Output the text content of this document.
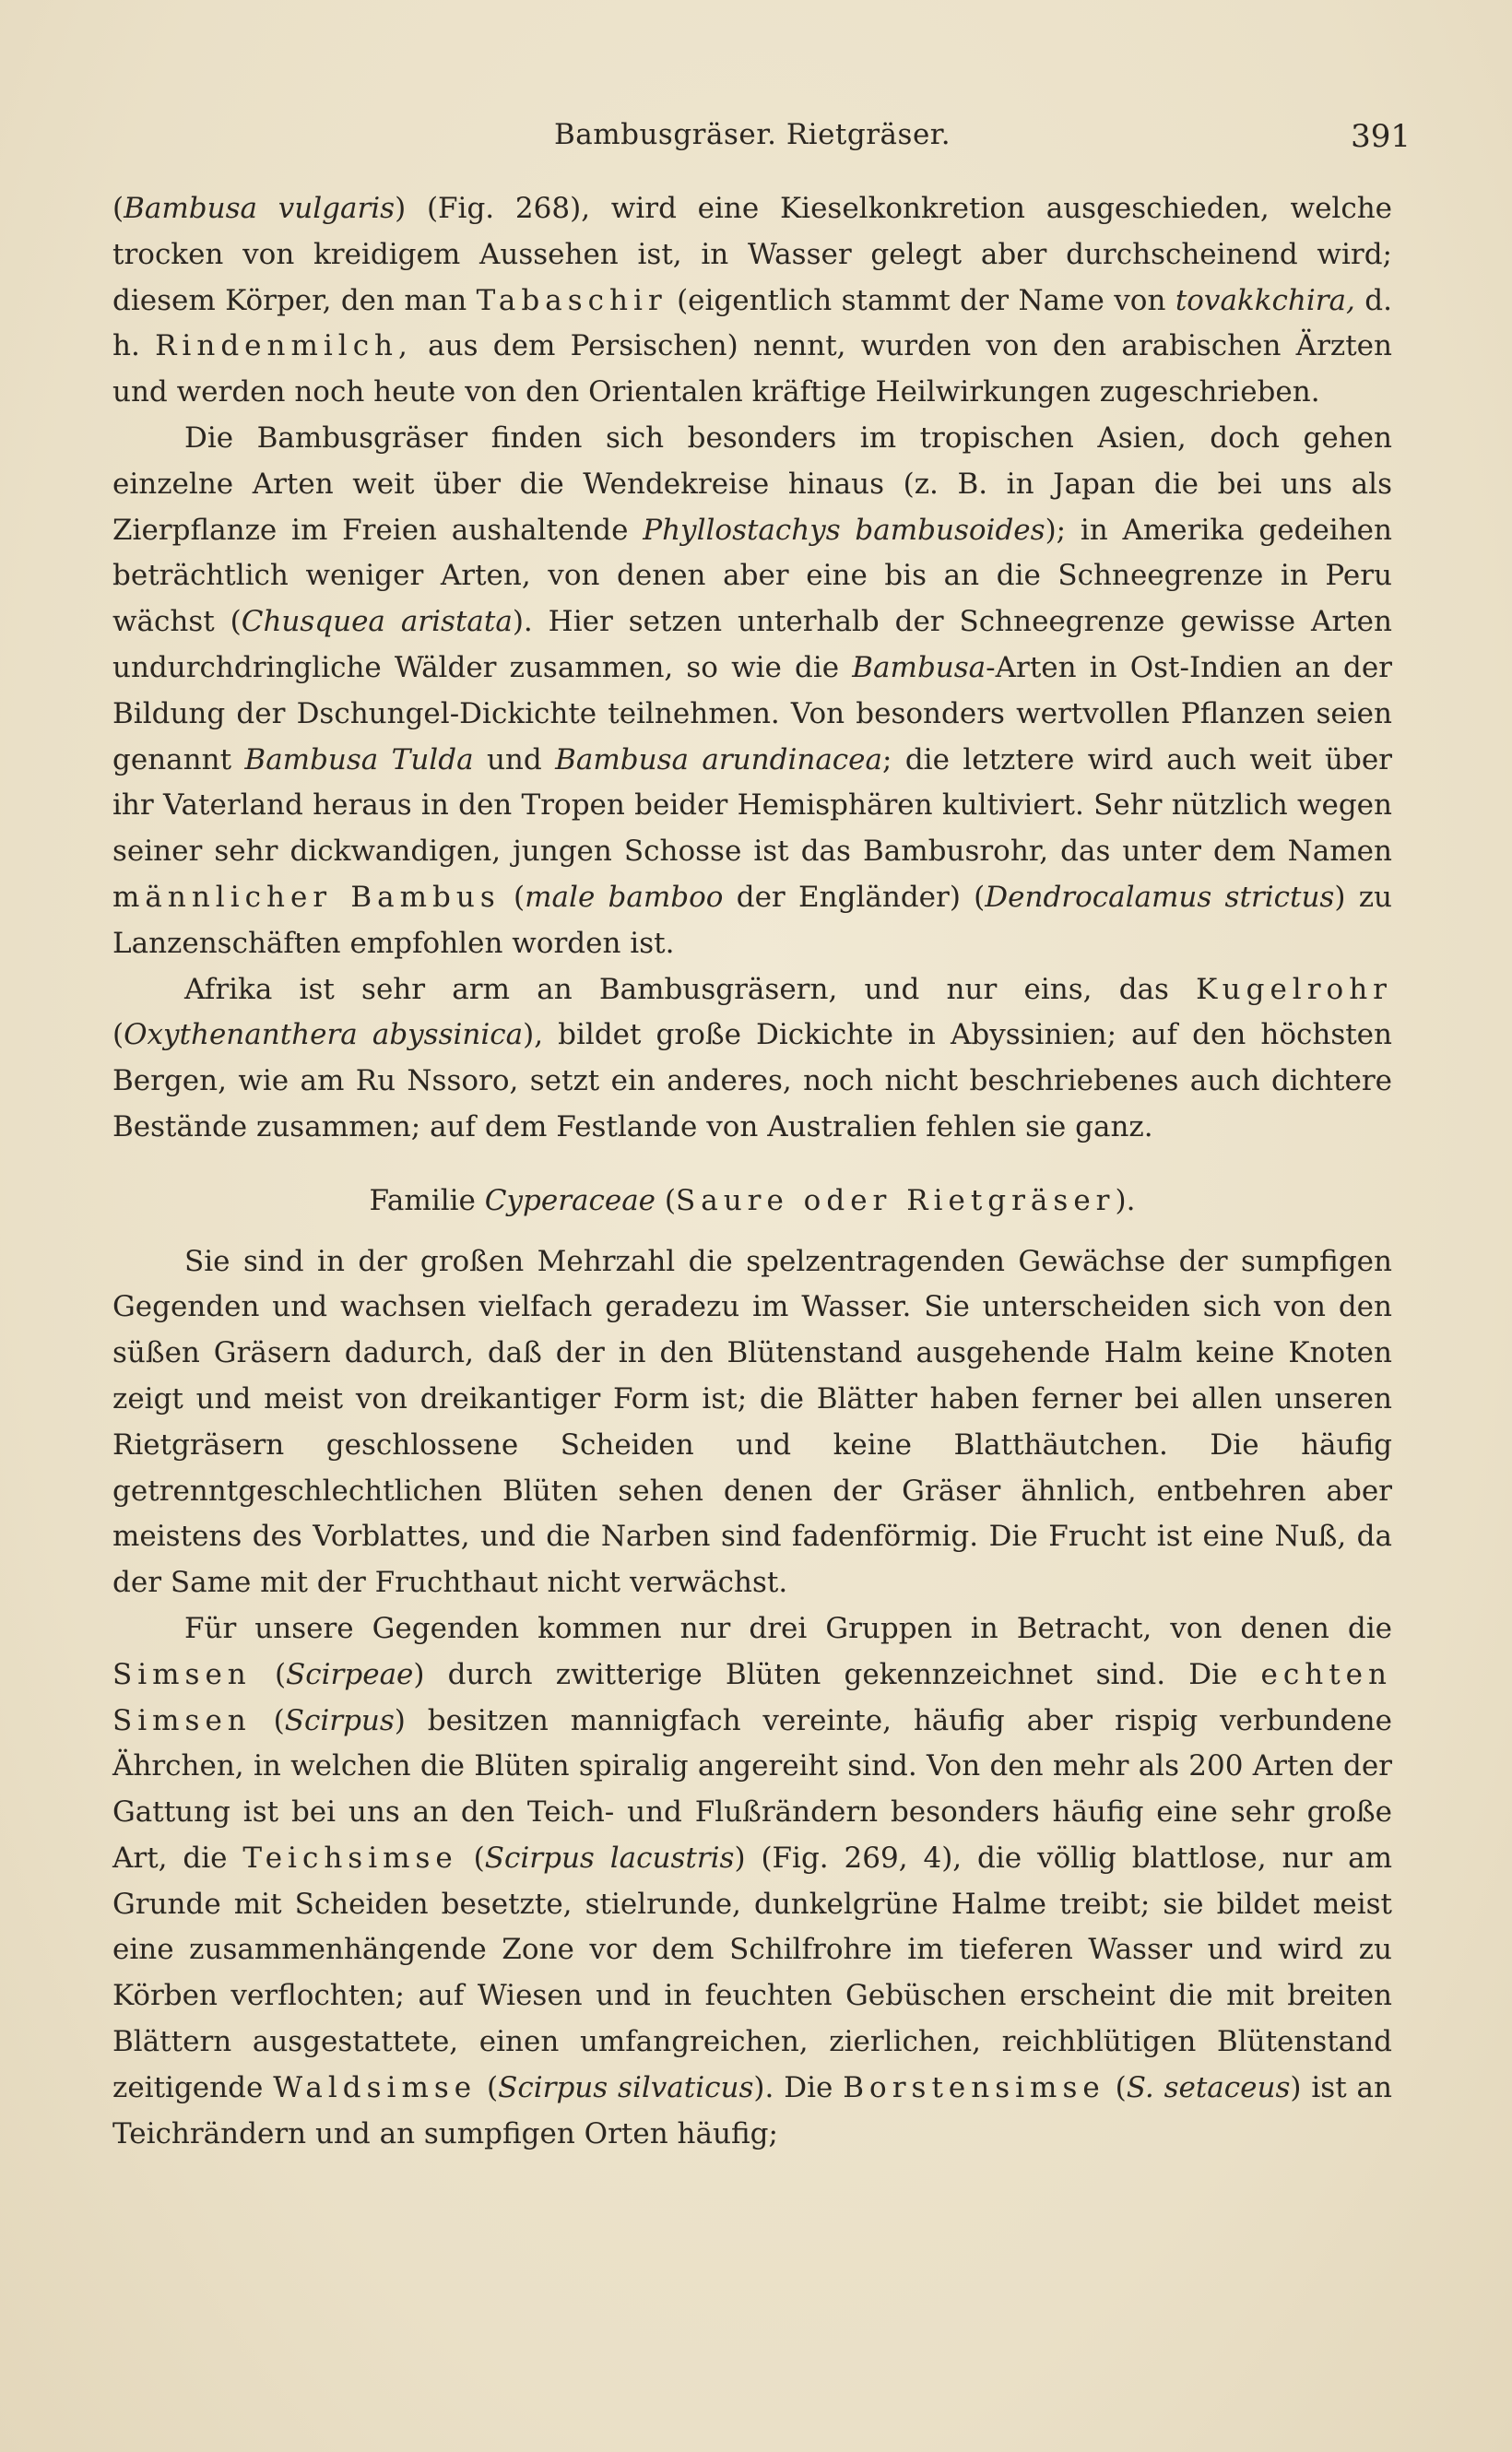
Bambusgräser. Rietgräser.	391

(Bambusa vulgaris) (Fig. 268), wird eine Kieselkonkretion ausgeschieden, welche trocken von kreidigem Aussehen ist, in Wasser gelegt aber durchscheinend wird; diesem Körper, den man Tabaschir (eigentlich stammt der Name von tovakkchira, d. h. Rindenmilch, aus dem Persischen) nennt, wurden von den arabischen Ärzten und werden noch heute von den Orientalen kräftige Heilwirkungen zugeschrieben.

Die Bambusgräser finden sich besonders im tropischen Asien, doch gehen einzelne Arten weit über die Wendekreise hinaus (z. B. in Japan die bei uns als Zierpflanze im Freien aushaltende Phyllostachys bambusoides); in Amerika gedeihen beträchtlich weniger Arten, von denen aber eine bis an die Schneegrenze in Peru wächst (Chusquea aristata). Hier setzen unterhalb der Schneegrenze gewisse Arten undurchdringliche Wälder zusammen, so wie die Bambusa-Arten in Ost-Indien an der Bildung der Dschungel-Dickichte teilnehmen. Von besonders wertvollen Pflanzen seien genannt Bambusa Tulda und Bambusa arundinacea; die letztere wird auch weit über ihr Vaterland heraus in den Tropen beider Hemisphären kultiviert. Sehr nützlich wegen seiner sehr dickwandigen, jungen Schosse ist das Bambusrohr, das unter dem Namen männlicher Bambus (male bamboo der Engländer) (Dendrocalamus strictus) zu Lanzenschäften empfohlen worden ist.

Afrika ist sehr arm an Bambusgräsern, und nur eins, das Kugelrohr (Oxythenanthera abyssinica), bildet große Dickichte in Abyssinien; auf den höchsten Bergen, wie am Ru Nssoro, setzt ein anderes, noch nicht beschriebenes auch dichtere Bestände zusammen; auf dem Festlande von Australien fehlen sie ganz.

Familie Cyperaceae (Saure oder Rietgräser).

Sie sind in der großen Mehrzahl die spelzentragenden Gewächse der sumpfigen Gegenden und wachsen vielfach geradezu im Wasser. Sie unterscheiden sich von den süßen Gräsern dadurch, daß der in den Blütenstand ausgehende Halm keine Knoten zeigt und meist von dreikantiger Form ist; die Blätter haben ferner bei allen unseren Rietgräsern geschlossene Scheiden und keine Blatthäutchen. Die häufig getrenntgeschlechtlichen Blüten sehen denen der Gräser ähnlich, entbehren aber meistens des Vorblattes, und die Narben sind fadenförmig. Die Frucht ist eine Nuß, da der Same mit der Fruchthaut nicht verwächst.

Für unsere Gegenden kommen nur drei Gruppen in Betracht, von denen die Simsen (Scirpeae) durch zwitterige Blüten gekennzeichnet sind. Die echten Simsen (Scirpus) besitzen mannigfach vereinte, häufig aber rispig verbundene Ährchen, in welchen die Blüten spiralig angereiht sind. Von den mehr als 200 Arten der Gattung ist bei uns an den Teich- und Flußrändern besonders häufig eine sehr große Art, die Teichsimse (Scirpus lacustris) (Fig. 269, 4), die völlig blattlose, nur am Grunde mit Scheiden besetzte, stielrunde, dunkelgrüne Halme treibt; sie bildet meist eine zusammenhängende Zone vor dem Schilfrohre im tieferen Wasser und wird zu Körben verflochten; auf Wiesen und in feuchten Gebüschen erscheint die mit breiten Blättern ausgestattete, einen umfangreichen, zierlichen, reichblütigen Blütenstand zeitigende Waldsimse (Scirpus silvaticus). Die Borstensimse (S. setaceus) ist an Teichrändern und an sumpfigen Orten häufig;
